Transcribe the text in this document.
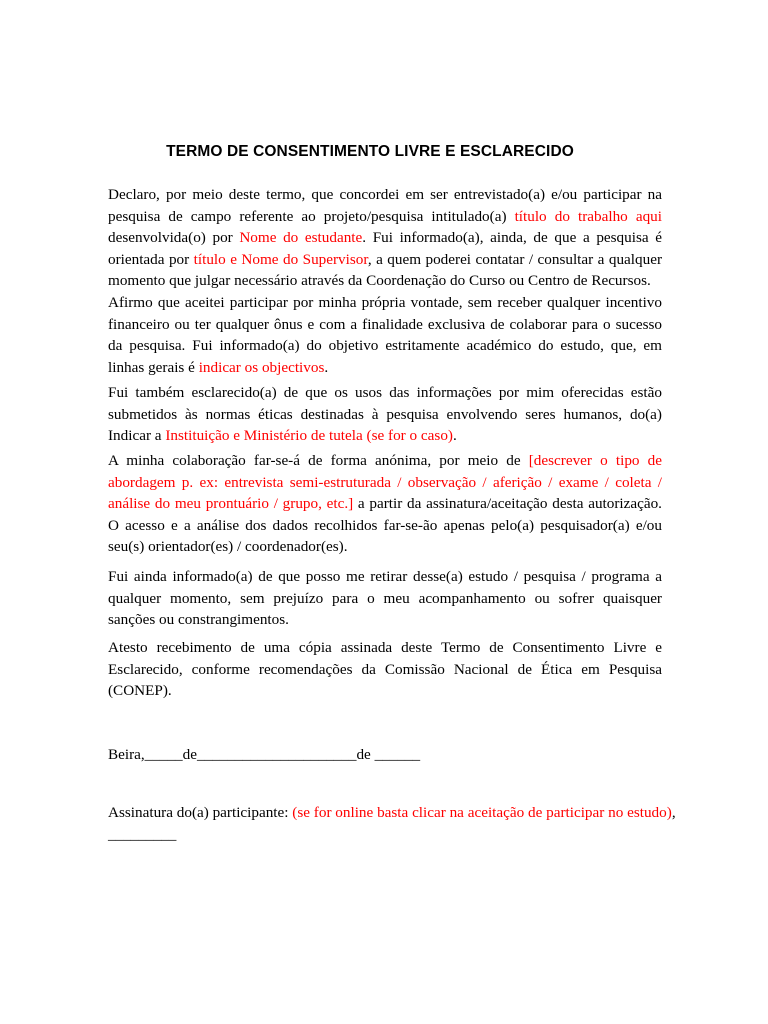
TERMO DE CONSENTIMENTO LIVRE E ESCLARECIDO
Declaro, por meio deste termo, que concordei em ser entrevistado(a) e/ou participar na pesquisa de campo referente ao projeto/pesquisa intitulado(a) título do trabalho aqui desenvolvida(o) por Nome do estudante. Fui informado(a), ainda, de que a pesquisa é orientada por título e Nome do Supervisor, a quem poderei contatar / consultar a qualquer momento que julgar necessário através da Coordenação do Curso ou Centro de Recursos.
Afirmo que aceitei participar por minha própria vontade, sem receber qualquer incentivo financeiro ou ter qualquer ônus e com a finalidade exclusiva de colaborar para o sucesso da pesquisa. Fui informado(a) do objetivo estritamente académico do estudo, que, em linhas gerais é indicar os objectivos.
Fui também esclarecido(a) de que os usos das informações por mim oferecidas estão submetidos às normas éticas destinadas à pesquisa envolvendo seres humanos, do(a) Indicar a Instituição e Ministério de tutela (se for o caso).
A minha colaboração far-se-á de forma anónima, por meio de [descrever o tipo de abordagem p. ex: entrevista semi-estruturada / observação / aferição / exame / coleta / análise do meu prontuário / grupo, etc.] a partir da assinatura/aceitação desta autorização. O acesso e a análise dos dados recolhidos far-se-ão apenas pelo(a) pesquisador(a) e/ou seu(s) orientador(es) / coordenador(es).
Fui ainda informado(a) de que posso me retirar desse(a) estudo / pesquisa / programa a qualquer momento, sem prejuízo para o meu acompanhamento ou sofrer quaisquer sanções ou constrangimentos.
Atesto recebimento de uma cópia assinada deste Termo de Consentimento Livre e Esclarecido, conforme recomendações da Comissão Nacional de Ética em Pesquisa (CONEP).
Beira,_____de_____________________de ______
Assinatura do(a) participante: (se for online basta clicar na aceitação de participar no estudo),
_________
